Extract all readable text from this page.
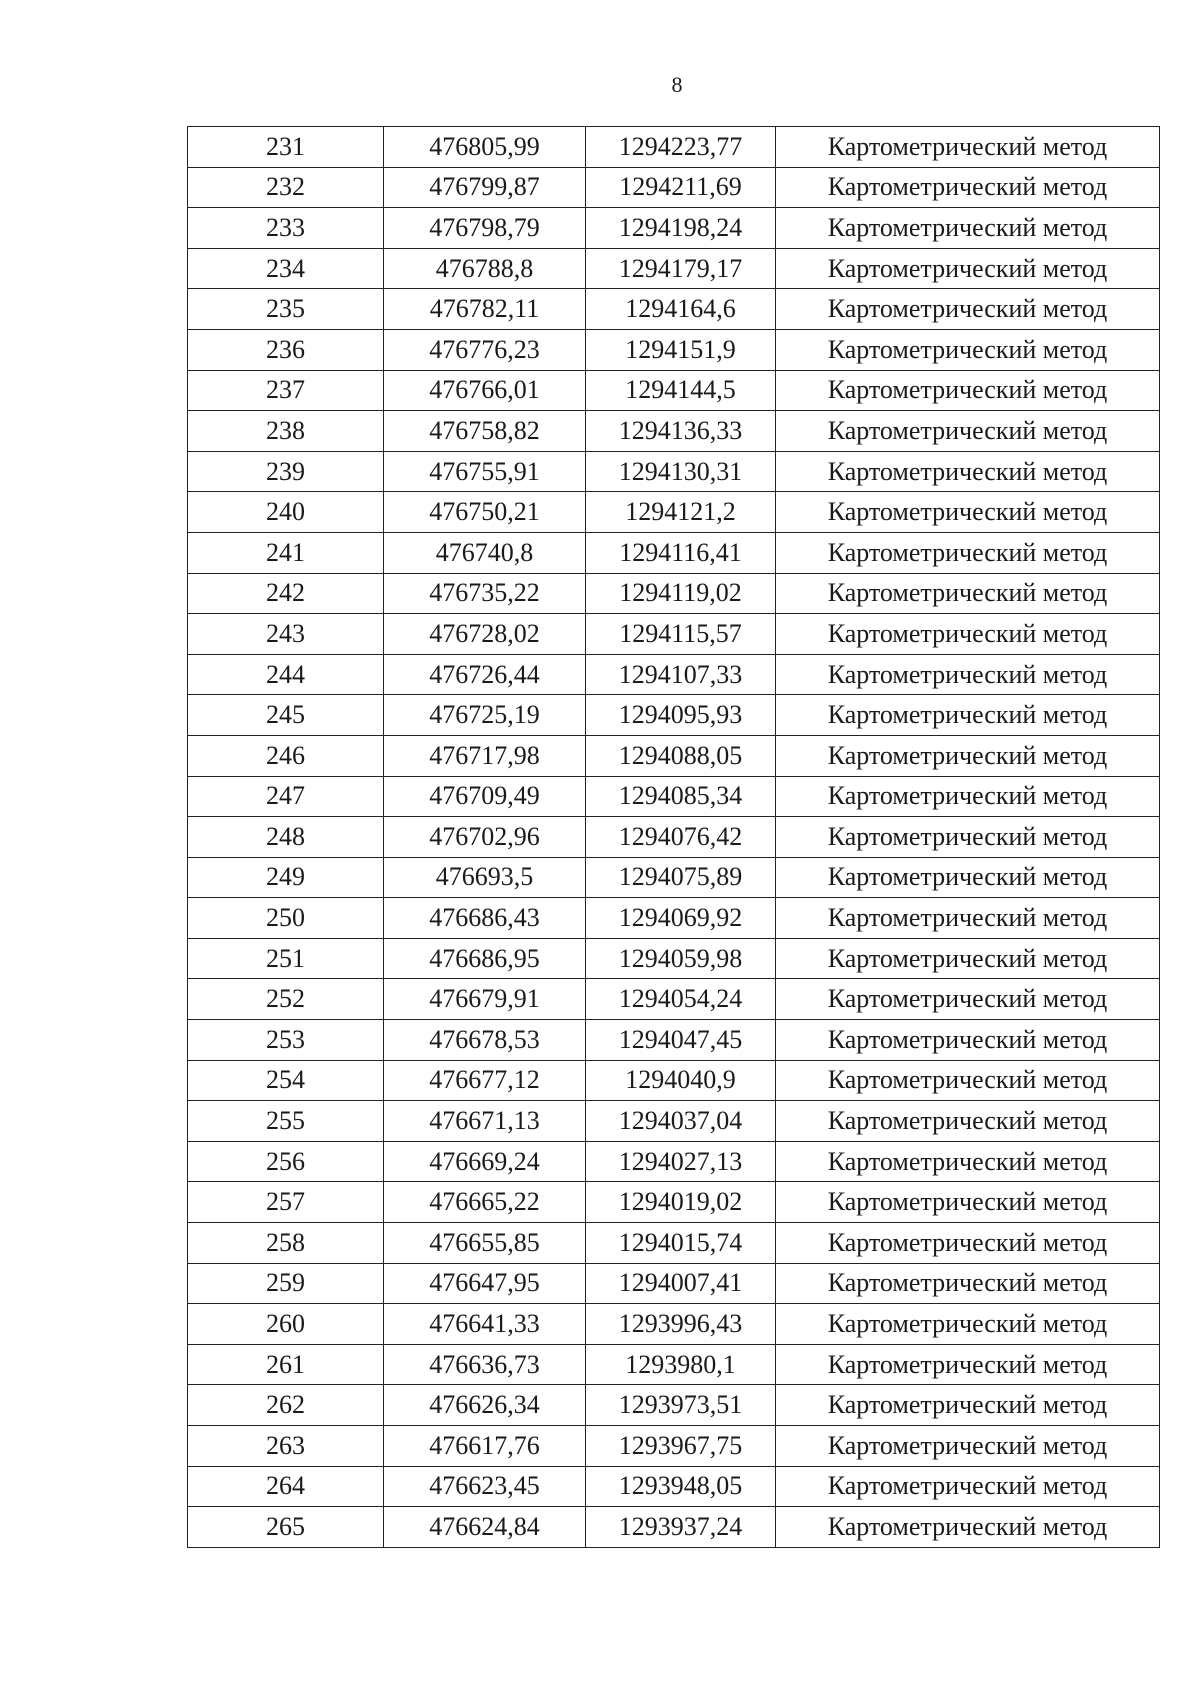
8
231	476805,99	1294223,77	Картометрический метод
232	476799,87	1294211,69	Картометрический метод
233	476798,79	1294198,24	Картометрический метод
234	476788,8	1294179,17	Картометрический метод
235	476782,11	1294164,6	Картометрический метод
236	476776,23	1294151,9	Картометрический метод
237	476766,01	1294144,5	Картометрический метод
238	476758,82	1294136,33	Картометрический метод
239	476755,91	1294130,31	Картометрический метод
240	476750,21	1294121,2	Картометрический метод
241	476740,8	1294116,41	Картометрический метод
242	476735,22	1294119,02	Картометрический метод
243	476728,02	1294115,57	Картометрический метод
244	476726,44	1294107,33	Картометрический метод
245	476725,19	1294095,93	Картометрический метод
246	476717,98	1294088,05	Картометрический метод
247	476709,49	1294085,34	Картометрический метод
248	476702,96	1294076,42	Картометрический метод
249	476693,5	1294075,89	Картометрический метод
250	476686,43	1294069,92	Картометрический метод
251	476686,95	1294059,98	Картометрический метод
252	476679,91	1294054,24	Картометрический метод
253	476678,53	1294047,45	Картометрический метод
254	476677,12	1294040,9	Картометрический метод
255	476671,13	1294037,04	Картометрический метод
256	476669,24	1294027,13	Картометрический метод
257	476665,22	1294019,02	Картометрический метод
258	476655,85	1294015,74	Картометрический метод
259	476647,95	1294007,41	Картометрический метод
260	476641,33	1293996,43	Картометрический метод
261	476636,73	1293980,1	Картометрический метод
262	476626,34	1293973,51	Картометрический метод
263	476617,76	1293967,75	Картометрический метод
264	476623,45	1293948,05	Картометрический метод
265	476624,84	1293937,24	Картометрический метод
